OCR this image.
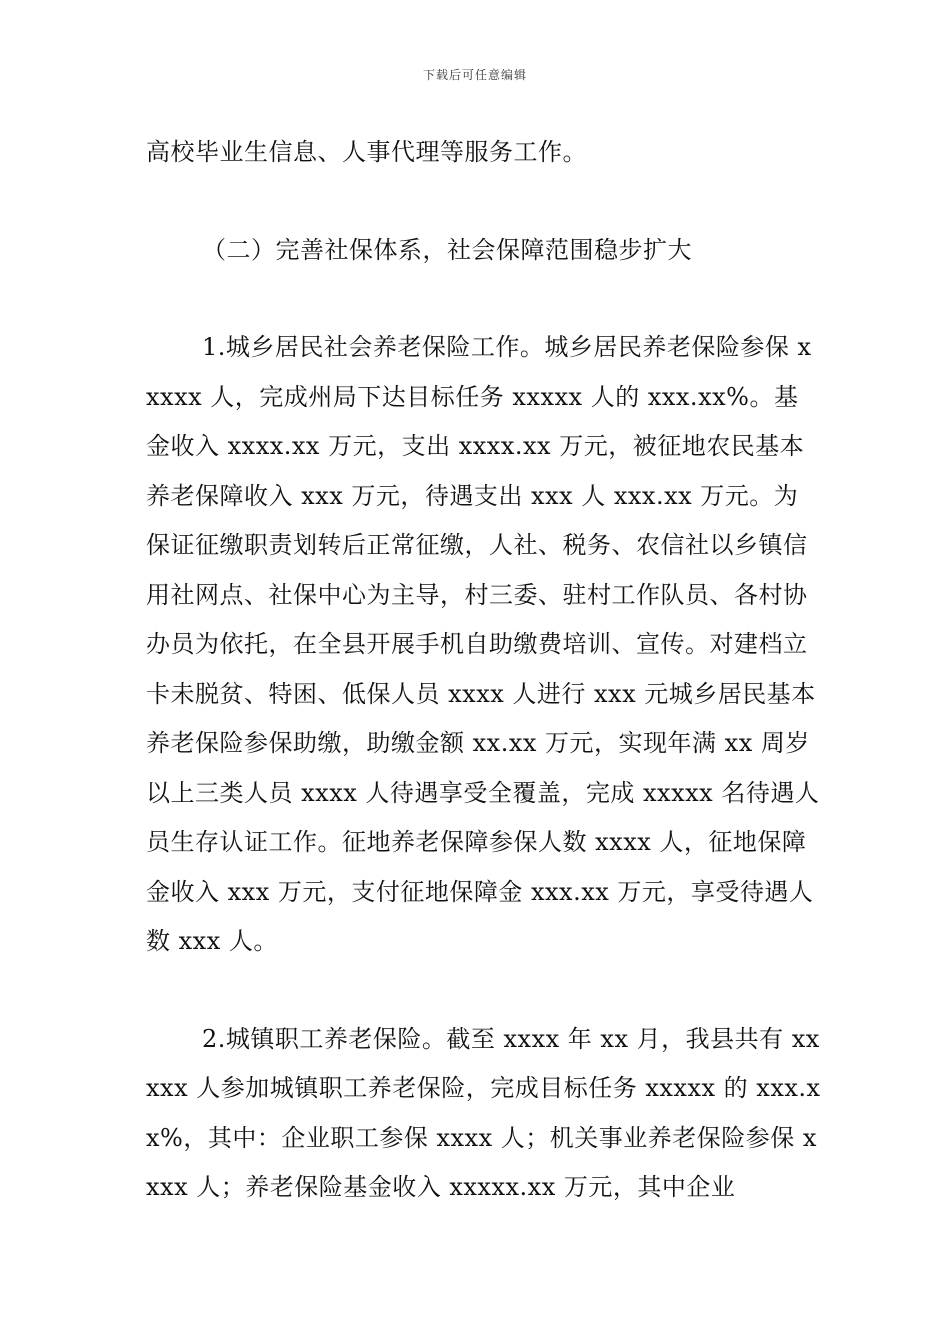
下载后可任意编辑

高校毕业生信息、人事代理等服务工作。

（二）完善社保体系，社会保障范围稳步扩大

1.城乡居民社会养老保险工作。城乡居民养老保险参保 xxxxx 人，完成州局下达目标任务 xxxxx 人的 xxx.xx%。基金收入 xxxx.xx 万元，支出 xxxx.xx 万元，被征地农民基本养老保障收入 xxx 万元，待遇支出 xxx 人 xxx.xx 万元。为保证征缴职责划转后正常征缴，人社、税务、农信社以乡镇信用社网点、社保中心为主导，村三委、驻村工作队员、各村协办员为依托，在全县开展手机自助缴费培训、宣传。对建档立卡未脱贫、特困、低保人员 xxxx 人进行 xxx 元城乡居民基本养老保险参保助缴，助缴金额 xx.xx 万元，实现年满 xx 周岁以上三类人员 xxxx 人待遇享受全覆盖，完成 xxxxx 名待遇人员生存认证工作。征地养老保障参保人数 xxxx 人，征地保障金收入 xxx 万元，支付征地保障金 xxx.xx 万元，享受待遇人数 xxx 人。

2.城镇职工养老保险。截至 xxxx 年 xx 月，我县共有 xxxxx 人参加城镇职工养老保险，完成目标任务 xxxxx 的 xxx.xx%，其中：企业职工参保 xxxx 人；机关事业养老保险参保 xxxx 人；养老保险基金收入 xxxxx.xx 万元，其中企业
